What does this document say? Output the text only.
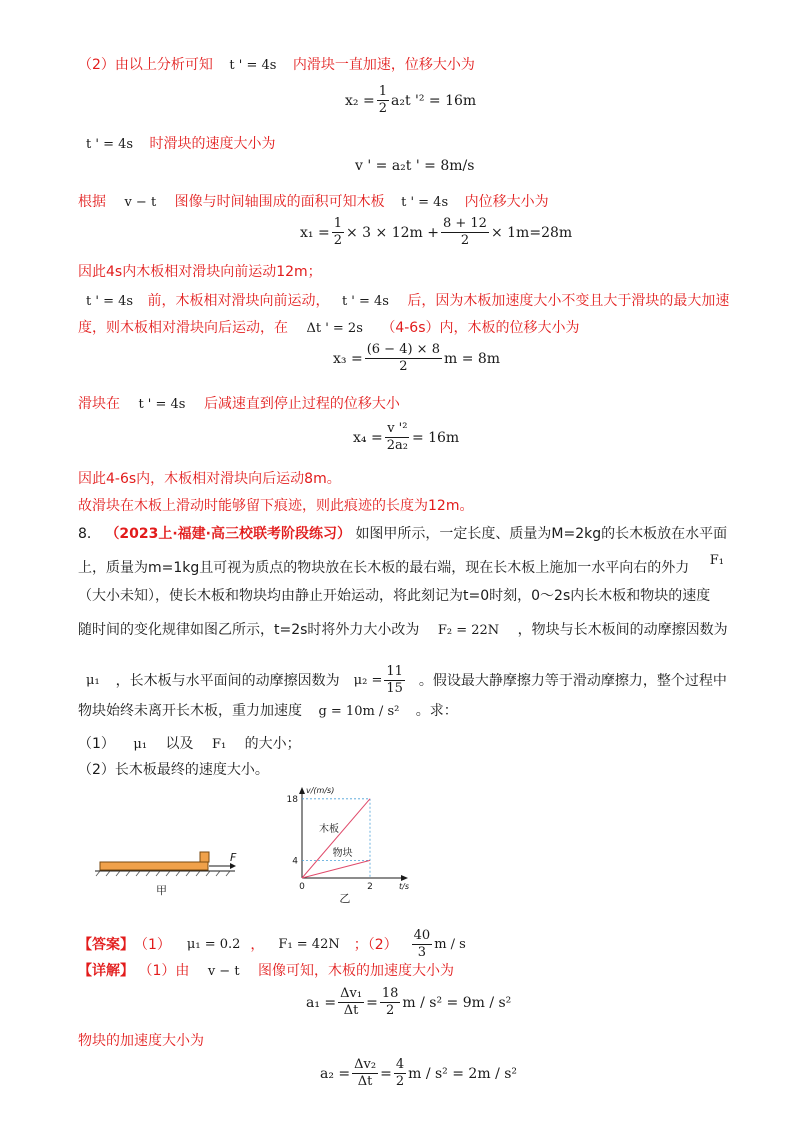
（2）由以上分析可知 t ' = 4s 内滑块一直加速，位移大小为
$x_2 = \frac{1}{2} a_2t$ '² = 16m
t ' = 4s 时滑块的速度大小为
v ' = a₂t ' = 8m/s
根据 v − t 图像与时间轴围成的面积可知木板 t ' = 4s 内位移大小为
$x_1 = \frac{1}{2} \times 3 \times 12m + \frac{8 + 12}{2} \times 1m=28m$
因此4s内木板相对滑块向前运动12m；
t ' = 4s 前，木板相对滑块向前运动， t ' = 4s 后，因为木板加速度大小不变且大于滑块的最大加速
度，则木板相对滑块向后运动，在 Δt ' = 2s （4-6s）内，木板的位移大小为
$x_3 = \frac{(6 - 4) \times 8}{2}$ m = 8m
滑块在 t ' = 4s 后减速直到停止过程的位移大小
$x_4 = \frac{\text{v '²}}{\text{2a₂}} = 16m$
因此4-6s内，木板相对滑块向后运动8m。
故滑块在木板上滑动时能够留下痕迹，则此痕迹的长度为12m。
8． （2023上·福建·高三校联考阶段练习） 如图甲所示，一定长度、质量为M=2kg的长木板放在水平面
上，质量为m=1kg且可视为质点的物块放在长木板的最右端，现在长木板上施加一水平向右的外力 F₁
（大小未知），使长木板和物块均由静止开始运动，将此刻记为t=0时刻，0～2s内长木板和物块的速度
随时间的变化规律如图乙所示，t=2s时将外力大小改为 F₂ = 22N ，物块与长木板间的动摩擦因数为
μ₁ ，长木板与水平面间的动摩擦因数为 $\mu_2 = \frac{11}{15}$ 。假设最大静摩擦力等于滑动摩擦力，整个过程中
物块始终未离开长木板，重力加速度 g = 10m / s² 。求：
（1） μ₁ 以及 F₁ 的大小；
（2）长木板最终的速度大小。
F
甲
v/(m/s)
t/s
18
4
0	2
木板
物块
乙
【答案】 （1） μ₁ = 0.2 ， F₁ = 42N ；$(2) \frac{40}{3}$ m / s
【详解】 （1）由 v − t 图像可知，木板的加速度大小为
$a_1 = \frac{\text{Δv₁}}{\Delta t} = \frac{18}{2}$ m / s² = 9m / s²
物块的加速度大小为
$a_2 = \frac{\text{Δv₂}}{\Delta t} = \frac{4}{2}$ m / s² = 2m / s²
